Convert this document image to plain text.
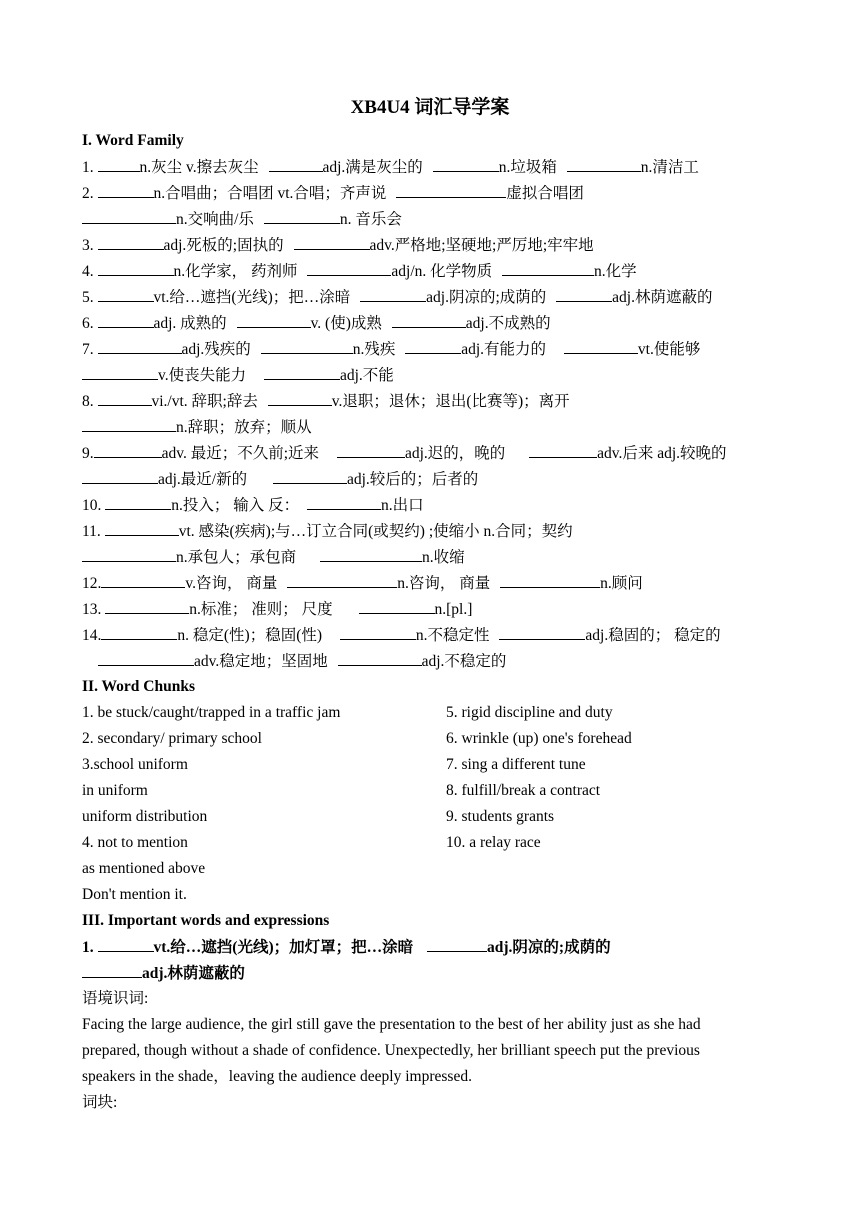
XB4U4 词汇导学案
I. Word Family
1.	n.灰尘 v.擦去灰尘	adj.满是灰尘的	n.垃圾箱	n.清洁工
2.	n.合唱曲；合唱团 vt.合唱；齐声说	虚拟合唱团
n.交响曲/乐	n. 音乐会
3.	adj.死板的;固执的	adv.严格地;坚硬地;严厉地;牢牢地
4.	n.化学家， 药剂师	adj/n. 化学物质	n.化学
5.	vt.给…遮挡(光线)；把…涂暗	adj.阴凉的;成荫的	adj.林荫遮蔽的
6.	adj. 成熟的	v. (使)成熟	adj.不成熟的
7.	adj.残疾的	n.残疾	adj.有能力的	vt.使能够
v.使丧失能力	adj.不能
8.	vi./vt. 辞职;辞去	v.退职；退休；退出(比赛等)；离开
n.辞职；放弃；顺从
9.	adv. 最近；不久前;近来	adj.迟的，晚的	adv.后来 adj.较晚的
adj.最近/新的	adj.较后的；后者的
10.	n.投入； 输入 反：	n.出口
11.	vt. 感染(疾病);与…订立合同(或契约) ;使缩小 n.合同；契约
n.承包人；承包商	n.收缩
12.	v.咨询， 商量	n.咨询， 商量	n.顾问
13.	n.标准； 准则； 尺度	n.[pl.]
14.	n. 稳定(性)；稳固(性)	n.不稳定性	adj.稳固的； 稳定的
adv.稳定地；坚固地	adj.不稳定的
II. Word Chunks
1. be stuck/caught/trapped in a traffic jam
2. secondary/ primary school
3.school uniform
in uniform
uniform distribution
4. not to mention
as mentioned above
Don't mention it.
5. rigid discipline and duty
6. wrinkle (up) one's forehead
7. sing a different tune
8. fulfill/break a contract
9. students grants
10. a relay race
III. Important words and expressions
1.	vt.给…遮挡(光线)；加灯罩；把…涂暗	adj.阴凉的;成荫的
adj.林荫遮蔽的
语境识词:
Facing the large audience, the girl still gave the presentation to the best of her ability just as she had
prepared, though without a shade of confidence. Unexpectedly, her brilliant speech put the previous
speakers in the shade，leaving the audience deeply impressed.
词块:
